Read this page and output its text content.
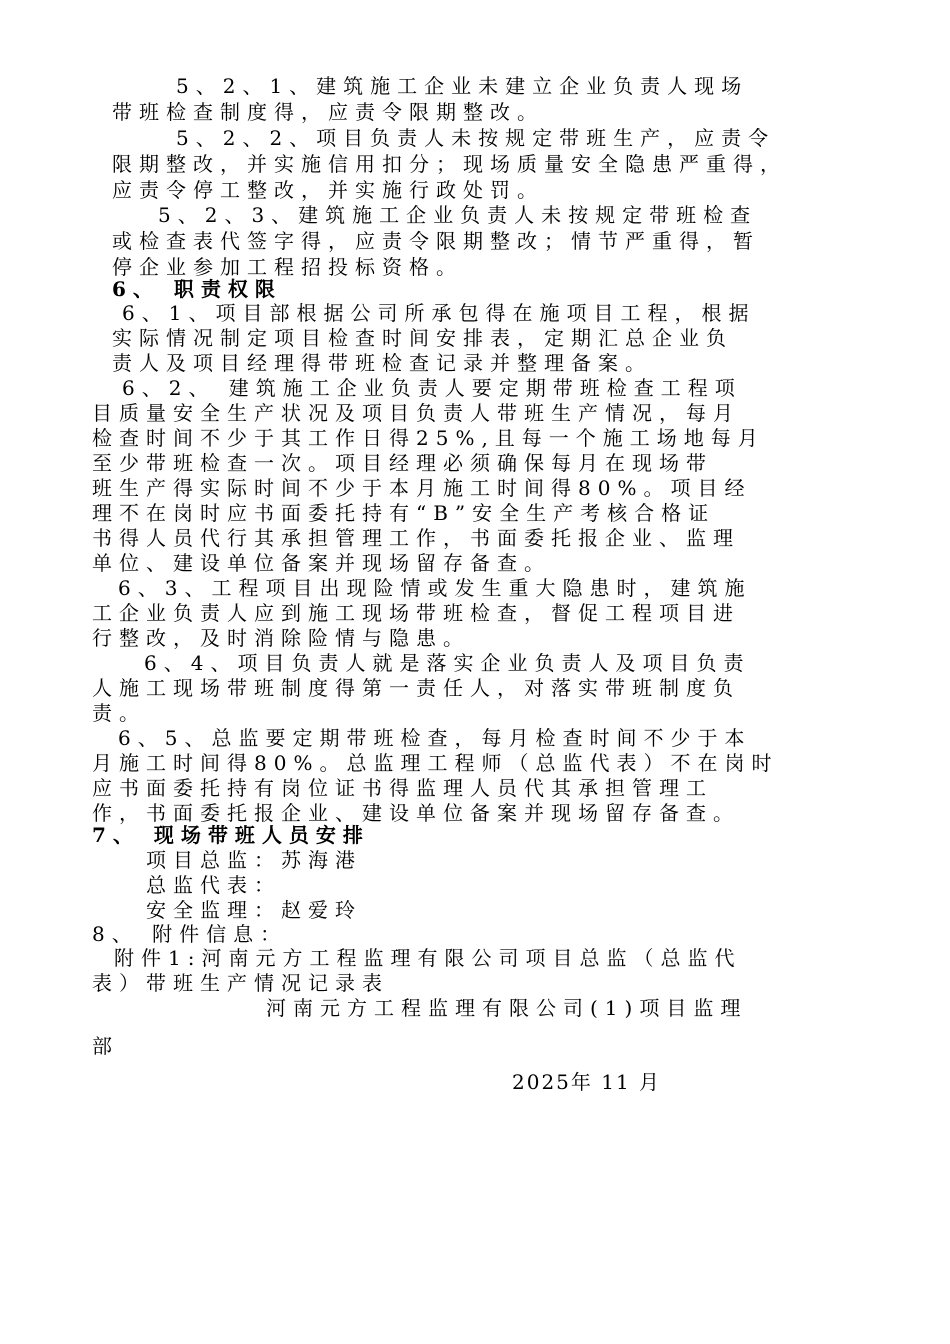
5、2、1、建筑施工企业未建立企业负责人现场
带班检查制度得，应责令限期整改。
5、2、2、项目负责人未按规定带班生产，应责令
限期整改，并实施信用扣分；现场质量安全隐患严重得，
应责令停工整改，并实施行政处罚。
5、2、3、建筑施工企业负责人未按规定带班检查
或检查表代签字得，应责令限期整改；情节严重得，暂
停企业参加工程招投标资格。
6、 职责权限
6、1、项目部根据公司所承包得在施项目工程，根据
实际情况制定项目检查时间安排表，定期汇总企业负
责人及项目经理得带班检查记录并整理备案。
6、2、 建筑施工企业负责人要定期带班检查工程项
目质量安全生产状况及项目负责人带班生产情况，每月
检查时间不少于其工作日得25%,且每一个施工场地每月
至少带班检查一次。项目经理必须确保每月在现场带
班生产得实际时间不少于本月施工时间得80%。项目经
理不在岗时应书面委托持有“B”安全生产考核合格证
书得人员代行其承担管理工作，书面委托报企业、监理
单位、建设单位备案并现场留存备查。
6、3、工程项目出现险情或发生重大隐患时，建筑施
工企业负责人应到施工现场带班检查，督促工程项目进
行整改，及时消除险情与隐患。
6、4、项目负责人就是落实企业负责人及项目负责
人施工现场带班制度得第一责任人，对落实带班制度负
责。
6、5、总监要定期带班检查，每月检查时间不少于本
月施工时间得80%。总监理工程师（总监代表）不在岗时
应书面委托持有岗位证书得监理人员代其承担管理工
作，书面委托报企业、建设单位备案并现场留存备查。
7、 现场带班人员安排
项目总监：苏海港
总监代表：
安全监理：赵爱玲
8、 附件信息：
附件1:河南元方工程监理有限公司项目总监（总监代
表）带班生产情况记录表
河南元方工程监理有限公司(1)项目监理
部
2025年 11 月
